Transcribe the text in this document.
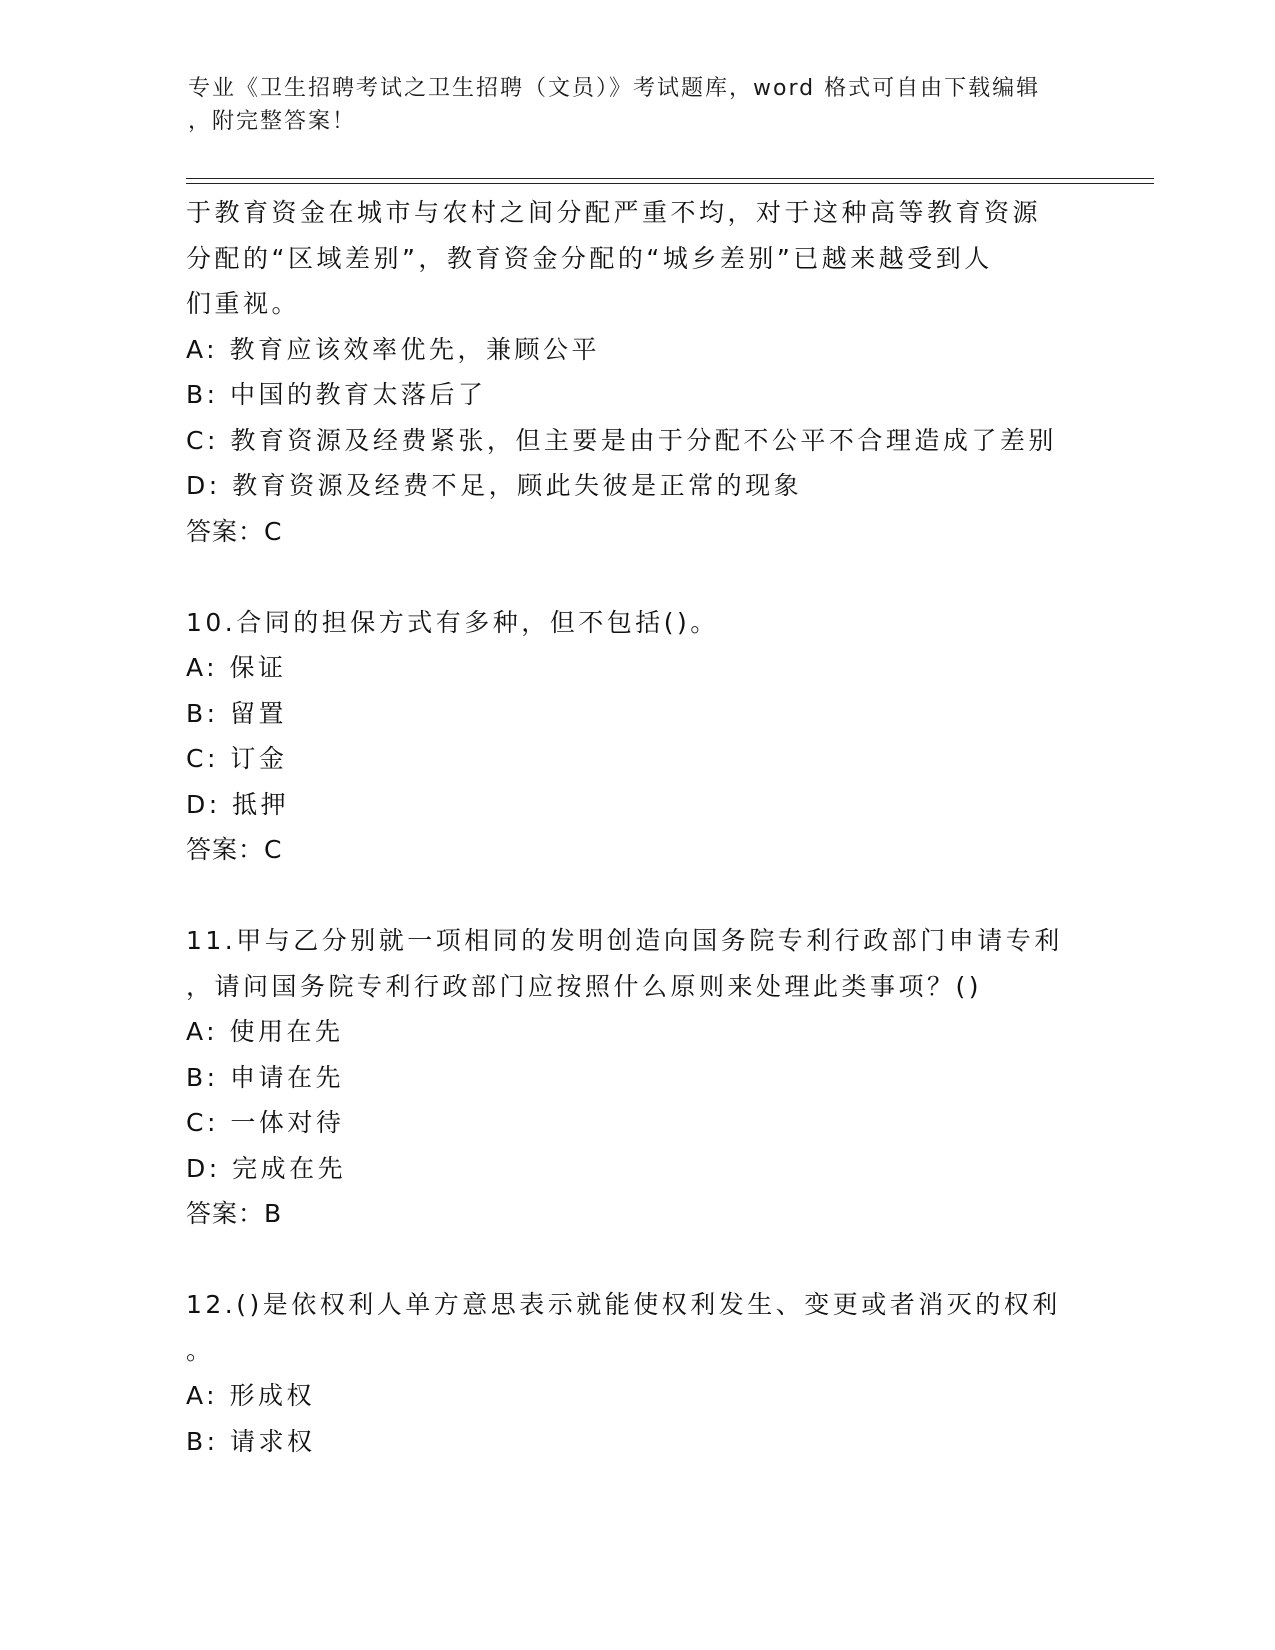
专业《卫生招聘考试之卫生招聘（文员）》考试题库，word 格式可自由下载编辑
，附完整答案！
于教育资金在城市与农村之间分配严重不均，对于这种高等教育资源
分配的“区域差别”，教育资金分配的“城乡差别”已越来越受到人
们重视。
A: 教育应该效率优先，兼顾公平
B: 中国的教育太落后了
C: 教育资源及经费紧张，但主要是由于分配不公平不合理造成了差别
D: 教育资源及经费不足，顾此失彼是正常的现象
答案：C
10.合同的担保方式有多种，但不包括()。
A: 保证
B: 留置
C: 订金
D: 抵押
答案：C
11.甲与乙分别就一项相同的发明创造向国务院专利行政部门申请专利
，请问国务院专利行政部门应按照什么原则来处理此类事项？()
A: 使用在先
B: 申请在先
C: 一体对待
D: 完成在先
答案：B
12.()是依权利人单方意思表示就能使权利发生、变更或者消灭的权利
。
A: 形成权
B: 请求权
